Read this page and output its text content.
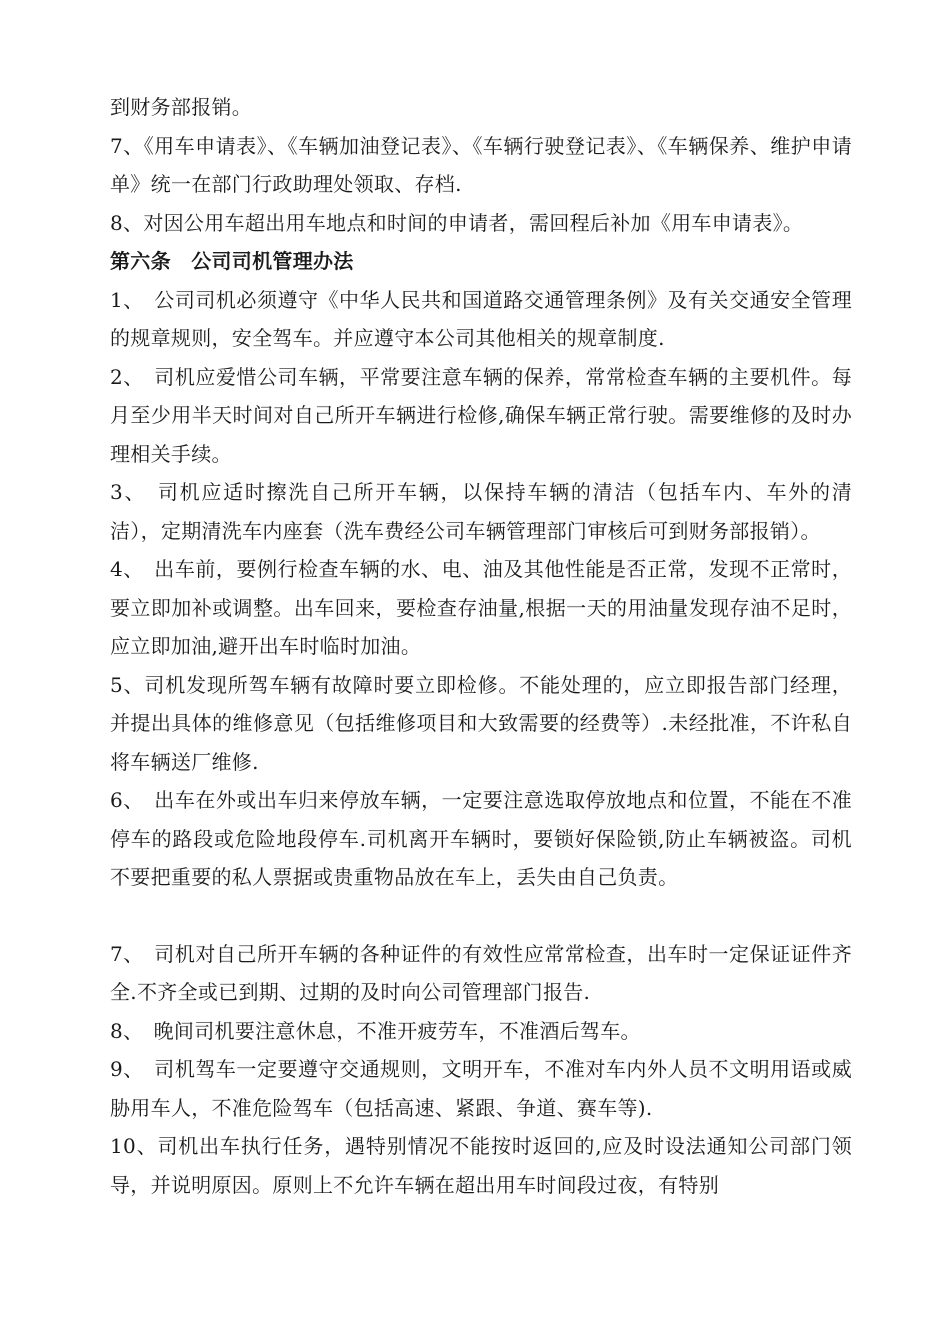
到财务部报销。

7、《用车申请表》、《车辆加油登记表》、《车辆行驶登记表》、《车辆保养、维护申请单》统一在部门行政助理处领取、存档.

8、对因公用车超出用车地点和时间的申请者，需回程后补加《用车申请表》。

第六条　公司司机管理办法

1、　公司司机必须遵守《中华人民共和国道路交通管理条例》及有关交通安全管理的规章规则，安全驾车。并应遵守本公司其他相关的规章制度.

2、　司机应爱惜公司车辆，平常要注意车辆的保养，常常检查车辆的主要机件。每月至少用半天时间对自己所开车辆进行检修,确保车辆正常行驶。需要维修的及时办理相关手续。

3、　司机应适时擦洗自己所开车辆，以保持车辆的清洁（包括车内、车外的清洁），定期清洗车内座套（洗车费经公司车辆管理部门审核后可到财务部报销）。

4、　出车前，要例行检查车辆的水、电、油及其他性能是否正常，发现不正常时，要立即加补或调整。出车回来，要检查存油量,根据一天的用油量发现存油不足时，应立即加油,避开出车时临时加油。

5、司机发现所驾车辆有故障时要立即检修。不能处理的，应立即报告部门经理，并提出具体的维修意见（包括维修项目和大致需要的经费等）.未经批准，不许私自将车辆送厂维修.

6、　出车在外或出车归来停放车辆，一定要注意选取停放地点和位置，不能在不准停车的路段或危险地段停车.司机离开车辆时，要锁好保险锁,防止车辆被盗。司机不要把重要的私人票据或贵重物品放在车上，丢失由自己负责。

7、　司机对自己所开车辆的各种证件的有效性应常常检查，出车时一定保证证件齐全.不齐全或已到期、过期的及时向公司管理部门报告.

8、　晚间司机要注意休息，不准开疲劳车，不准酒后驾车。

9、　司机驾车一定要遵守交通规则，文明开车，不准对车内外人员不文明用语或威胁用车人，不准危险驾车（包括高速、紧跟、争道、赛车等).

10、司机出车执行任务，遇特别情况不能按时返回的,应及时设法通知公司部门领导，并说明原因。原则上不允许车辆在超出用车时间段过夜，有特别
